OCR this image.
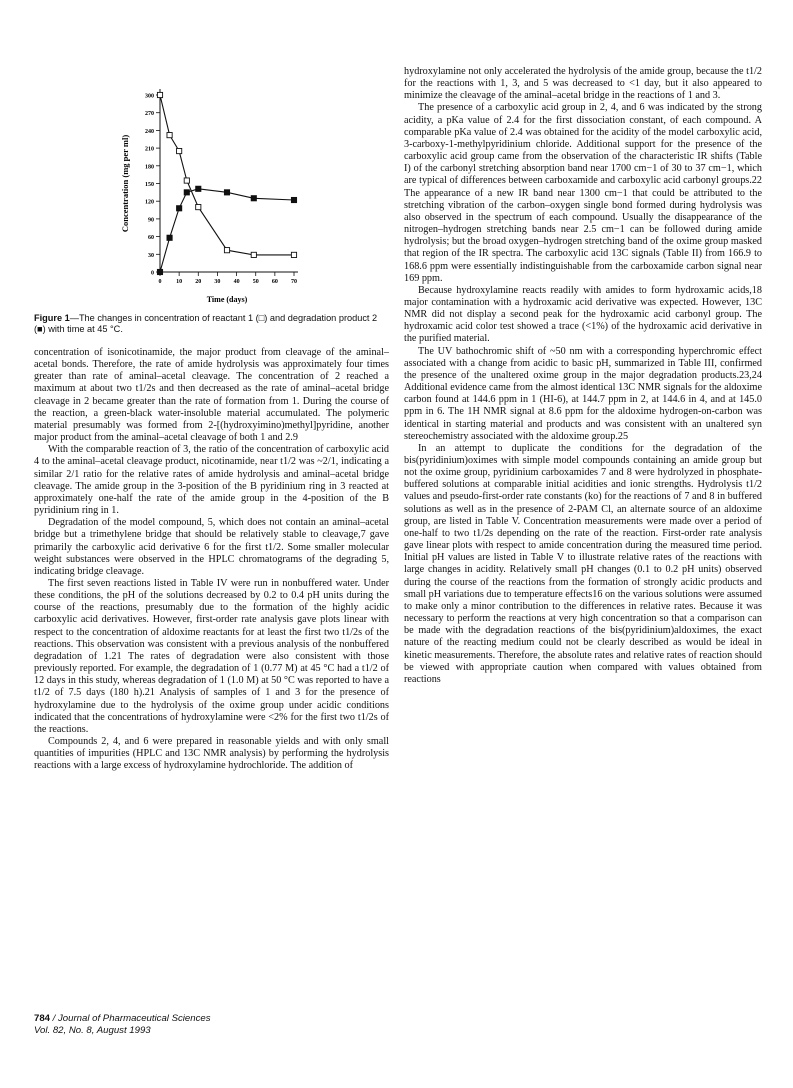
0
30
60
90
120
150
180
210
240
270
300
0 10 20 30 40 50 60 70
Time (days)
Concentration (mg per ml)
Figure 1—The changes in concentration of reactant 1 (□) and degradation product 2 (■) with time at 45 °C.

concentration of isonicotinamide, the major product from cleavage of the aminal–acetal bonds. Therefore, the rate of amide hydrolysis was approximately four times greater than rate of aminal–acetal cleavage. The concentration of 2 reached a maximum at about two t1/2s and then decreased as the rate of aminal–acetal bridge cleavage in 2 became greater than the rate of formation from 1. During the course of the reaction, a green-black water-insoluble material accumulated. The polymeric material presumably was formed from 2-[(hydroxyimino)methyl]pyridine, another major product from the aminal–acetal cleavage of both 1 and 2.9

With the comparable reaction of 3, the ratio of the concentration of carboxylic acid 4 to the aminal–acetal cleavage product, nicotinamide, near t1/2 was ~2/1, indicating a similar 2/1 ratio for the relative rates of amide hydrolysis and aminal–acetal bridge cleavage. The amide group in the 3-position of the B pyridinium ring in 3 reacted at approximately one-half the rate of the amide group in the 4-position of the B pyridinium ring in 1.

Degradation of the model compound, 5, which does not contain an aminal–acetal bridge but a trimethylene bridge that should be relatively stable to cleavage,7 gave primarily the carboxylic acid derivative 6 for the first t1/2. Some smaller molecular weight substances were observed in the HPLC chromatograms of the degrading 5, indicating bridge cleavage.

The first seven reactions listed in Table IV were run in nonbuffered water. Under these conditions, the pH of the solutions decreased by 0.2 to 0.4 pH units during the course of the reactions, presumably due to the formation of the highly acidic carboxylic acid derivatives. However, first-order rate analysis gave plots linear with respect to the concentration of aldoxime reactants for at least the first two t1/2s of the reactions. This observation was consistent with a previous analysis of the nonbuffered degradation of 1.21 The rates of degradation were also consistent with those previously reported. For example, the degradation of 1 (0.77 M) at 45 °C had a t1/2 of 12 days in this study, whereas degradation of 1 (1.0 M) at 50 °C was reported to have a t1/2 of 7.5 days (180 h).21 Analysis of samples of 1 and 3 for the presence of hydroxylamine due to the hydrolysis of the oxime group under acidic conditions indicated that the concentrations of hydroxylamine were <2% for the first two t1/2s of the reactions.

Compounds 2, 4, and 6 were prepared in reasonable yields and with only small quantities of impurities (HPLC and 13C NMR analysis) by performing the hydrolysis reactions with a large excess of hydroxylamine hydrochloride. The addition of

hydroxylamine not only accelerated the hydrolysis of the amide group, because the t1/2 for the reactions with 1, 3, and 5 was decreased to <1 day, but it also appeared to minimize the cleavage of the aminal–acetal bridge in the reactions of 1 and 3.

The presence of a carboxylic acid group in 2, 4, and 6 was indicated by the strong acidity, a pKa value of 2.4 for the first dissociation constant, of each compound. A comparable pKa value of 2.4 was obtained for the acidity of the model carboxylic acid, 3-carboxy-1-methylpyridinium chloride. Additional support for the presence of the carboxylic acid group came from the observation of the characteristic IR shifts (Table I) of the carbonyl stretching absorption band near 1700 cm−1 of 30 to 37 cm−1, which are typical of differences between carboxamide and carboxylic acid carbonyl groups.22 The appearance of a new IR band near 1300 cm−1 that could be attributed to the stretching vibration of the carbon–oxygen single bond formed during hydrolysis was also observed in the spectrum of each compound. Usually the disappearance of the nitrogen–hydrogen stretching bands near 2.5 cm−1 can be followed during amide hydrolysis; but the broad oxygen–hydrogen stretching band of the oxime group masked that region of the IR spectra. The carboxylic acid 13C signals (Table II) from 166.9 to 168.6 ppm were essentially indistinguishable from the carboxamide carbon signal near 169 ppm.

Because hydroxylamine reacts readily with amides to form hydroxamic acids,18 major contamination with a hydroxamic acid derivative was expected. However, 13C NMR did not display a second peak for the hydroxamic acid carbonyl group. The hydroxamic acid color test showed a trace (<1%) of the hydroxamic acid derivative in the purified material.

The UV bathochromic shift of ~50 nm with a corresponding hyperchromic effect associated with a change from acidic to basic pH, summarized in Table III, confirmed the presence of the unaltered oxime group in the major degradation products.23,24 Additional evidence came from the almost identical 13C NMR signals for the aldoxime carbon found at 144.6 ppm in 1 (HI-6), at 144.7 ppm in 2, at 144.6 in 4, and at 145.0 ppm in 6. The 1H NMR signal at 8.6 ppm for the aldoxime hydrogen-on-carbon was identical in starting material and products and was consistent with an unaltered syn stereochemistry associated with the aldoxime group.25

In an attempt to duplicate the conditions for the degradation of the bis(pyridinium)oximes with simple model compounds containing an amide group but not the oxime group, pyridinium carboxamides 7 and 8 were hydrolyzed in phosphate-buffered solutions at comparable initial acidities and ionic strengths. Hydrolysis t1/2 values and pseudo-first-order rate constants (ko) for the reactions of 7 and 8 in buffered solutions as well as in the presence of 2-PAM Cl, an alternate source of an aldoxime group, are listed in Table V. Concentration measurements were made over a period of one-half to two t1/2s depending on the rate of the reaction. First-order rate analysis gave linear plots with respect to amide concentration during the measured time period. Initial pH values are listed in Table V to illustrate relative rates of the reactions with large changes in acidity. Relatively small pH changes (0.1 to 0.2 pH units) observed during the course of the reactions from the formation of strongly acidic products and small pH variations due to temperature effects16 on the various solutions were assumed to make only a minor contribution to the differences in relative rates. Because it was necessary to perform the reactions at very high concentration so that a comparison can be made with the degradation reactions of the bis(pyridinium)aldoximes, the exact nature of the reacting medium could not be clearly described as would be ideal in kinetic measurements. Therefore, the absolute rates and relative rates of reaction should be viewed with appropriate caution when compared with values obtained from reactions

784 / Journal of Pharmaceutical Sciences
Vol. 82, No. 8, August 1993
